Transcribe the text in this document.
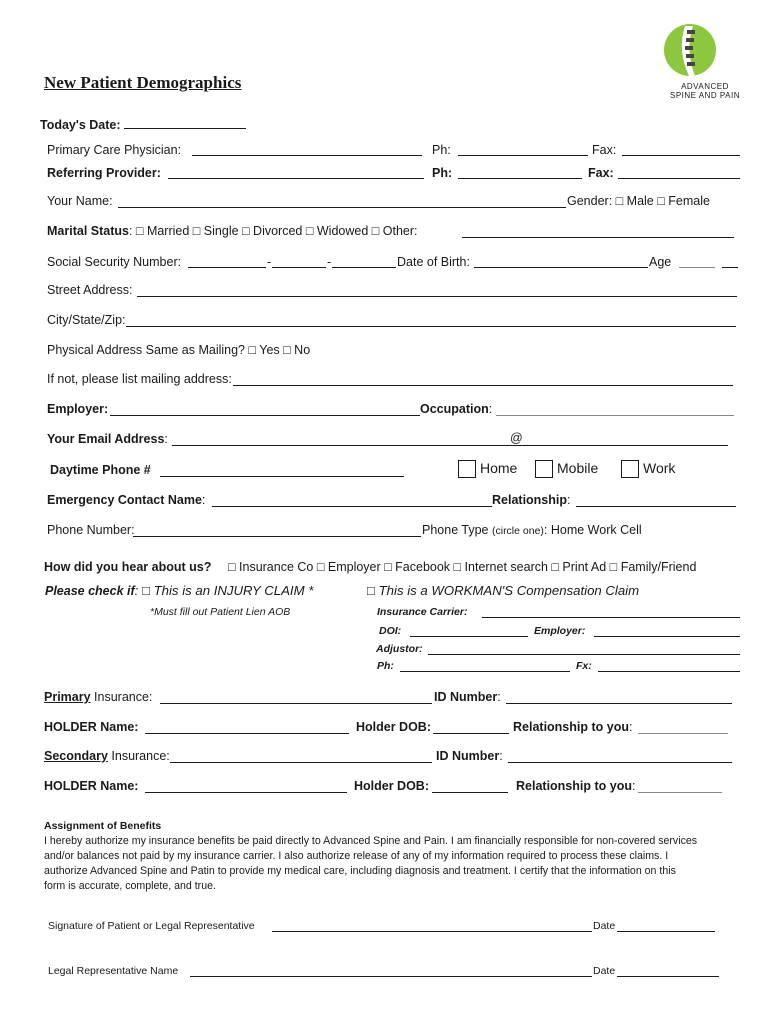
ADVANCED
SPINE AND PAIN
New Patient Demographics
Today's Date:
Primary Care Physician:	Ph:	Fax:
Referring Provider:	Ph:	Fax:
Your Name:	Gender: □ Male □ Female
Marital Status: □ Married □ Single □ Divorced □ Widowed □ Other:
Social Security Number:	-	-	Date of Birth:	Age
Street Address:
City/State/Zip:
Physical Address Same as Mailing? □ Yes □ No
If not, please list mailing address:
Employer:	Occupation:
Your Email Address:	@
Daytime Phone #	Home	Mobile	Work
Emergency Contact Name:	Relationship:
Phone Number:	Phone Type (circle one): Home Work Cell
How did you hear about us? □ Insurance Co □ Employer □ Facebook □ Internet search □ Print Ad □ Family/Friend
Please check if: □ This is an INJURY CLAIM *	□ This is a WORKMAN'S Compensation Claim
*Must fill out Patient Lien AOB	Insurance Carrier:
DOI:	Employer:
Adjustor:
Ph:	Fx:
Primary Insurance:	ID Number:
HOLDER Name:	Holder DOB:	Relationship to you:
Secondary Insurance:	ID Number:
HOLDER Name:	Holder DOB:	Relationship to you:
Assignment of Benefits
I hereby authorize my insurance benefits be paid directly to Advanced Spine and Pain. I am financially responsible for non-covered services
and/or balances not paid by my insurance carrier. I also authorize release of any of my information required to process these claims. I
authorize Advanced Spine and Patin to provide my medical care, including diagnosis and treatment. I certify that the information on this
form is accurate, complete, and true.
Signature of Patient or Legal Representative	Date
Legal Representative Name	Date
